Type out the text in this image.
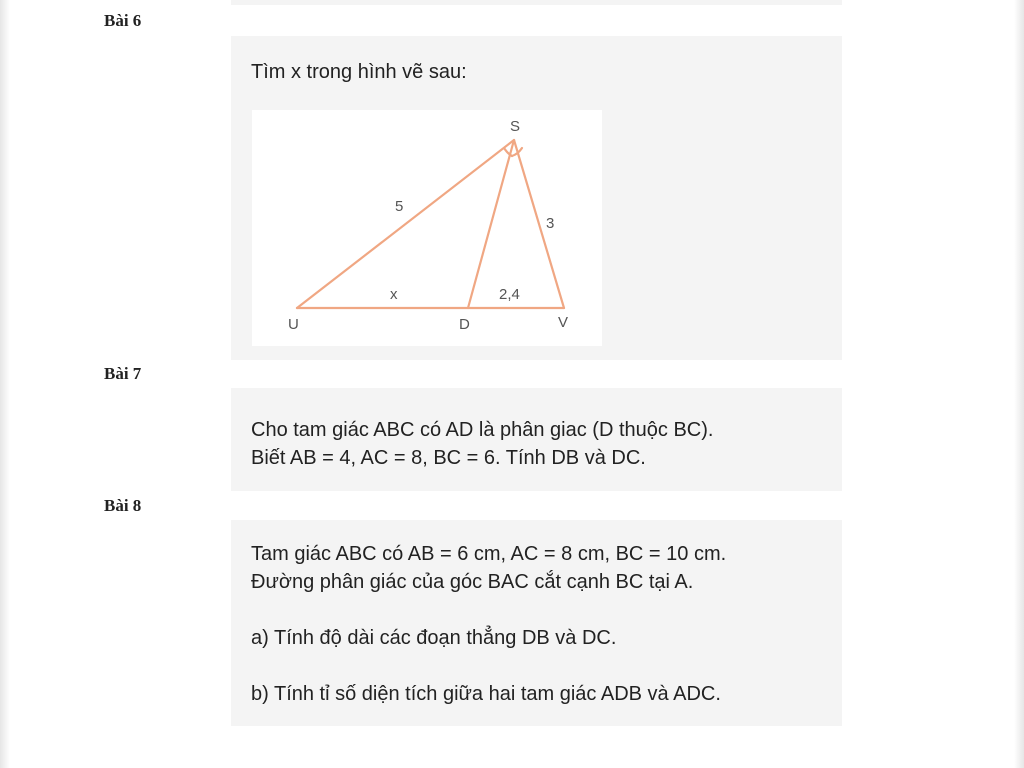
Bài 6
Tìm x trong hình vẽ sau:
S
U	D	V
5
3
x	2,4
Bài 7
Cho tam giác ABC có AD là phân giac (D thuộc BC).
Biết AB = 4, AC = 8, BC = 6. Tính DB và DC.
Bài 8
Tam giác ABC có AB = 6 cm, AC = 8 cm, BC = 10 cm.
Đường phân giác của góc BAC cắt cạnh BC tại A.
a) Tính độ dài các đoạn thẳng DB và DC.
b) Tính tỉ số diện tích giữa hai tam giác ADB và ADC.
